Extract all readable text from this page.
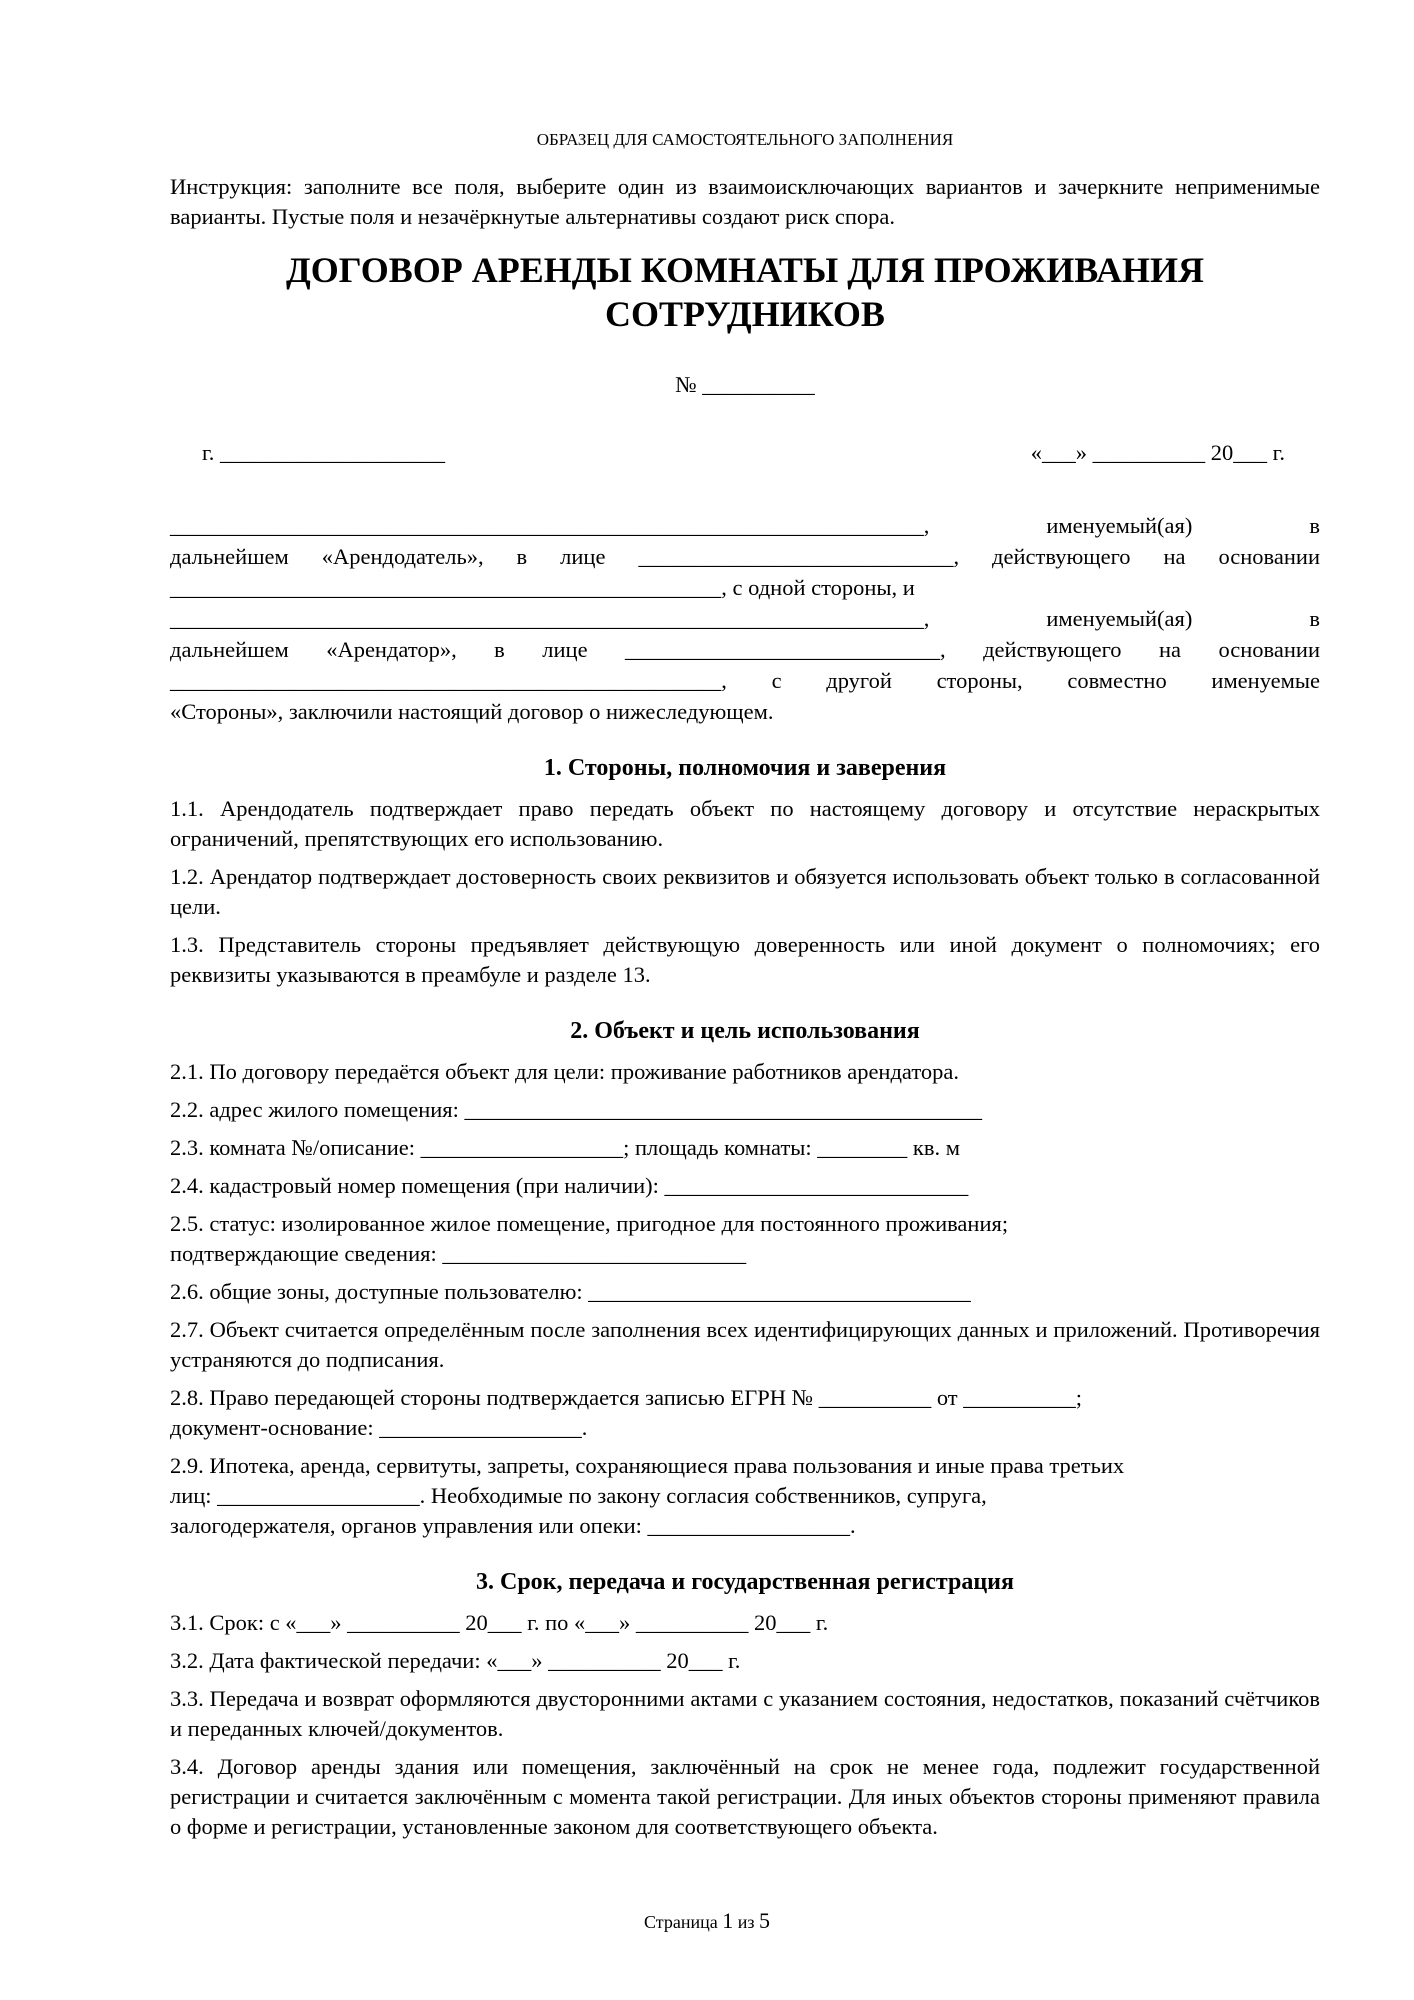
ОБРАЗЕЦ ДЛЯ САМОСТОЯТЕЛЬНОГО ЗАПОЛНЕНИЯ

Инструкция: заполните все поля, выберите один из взаимоисключающих вариантов и зачеркните неприменимые варианты. Пустые поля и незачёркнутые альтернативы создают риск спора.

ДОГОВОР АРЕНДЫ КОМНАТЫ ДЛЯ ПРОЖИВАНИЯ
СОТРУДНИКОВ

№ __________

г. ____________________	«___» __________ 20___ г.
___________________________________________________________________, именуемый(ая) в
дальнейшем «Арендодатель», в лице ____________________________, действующего на основании
_________________________________________________, с одной стороны, и
___________________________________________________________________, именуемый(ая) в
дальнейшем «Арендатор», в лице ____________________________, действующего на основании
_________________________________________________, с другой стороны, совместно именуемые
«Стороны», заключили настоящий договор о нижеследующем.
1. Стороны, полномочия и заверения

1.1. Арендодатель подтверждает право передать объект по настоящему договору и отсутствие нераскрытых ограничений, препятствующих его использованию.

1.2. Арендатор подтверждает достоверность своих реквизитов и обязуется использовать объект только в согласованной цели.

1.3. Представитель стороны предъявляет действующую доверенность или иной документ о полномочиях; его реквизиты указываются в преамбуле и разделе 13.

2. Объект и цель использования

2.1. По договору передаётся объект для цели: проживание работников арендатора.

2.2. адрес жилого помещения: ______________________________________________

2.3. комната №/описание: __________________; площадь комнаты: ________ кв. м

2.4. кадастровый номер помещения (при наличии): ___________________________

2.5. статус: изолированное жилое помещение, пригодное для постоянного проживания;
подтверждающие сведения: ___________________________

2.6. общие зоны, доступные пользователю: __________________________________

2.7. Объект считается определённым после заполнения всех идентифицирующих данных и приложений. Противоречия устраняются до подписания.

2.8. Право передающей стороны подтверждается записью ЕГРН № __________ от __________;
документ-основание: __________________.

2.9. Ипотека, аренда, сервитуты, запреты, сохраняющиеся права пользования и иные права третьих
лиц: __________________. Необходимые по закону согласия собственников, супруга,
залогодержателя, органов управления или опеки: __________________.

3. Срок, передача и государственная регистрация

3.1. Срок: с «___» __________ 20___ г. по «___» __________ 20___ г.

3.2. Дата фактической передачи: «___» __________ 20___ г.

3.3. Передача и возврат оформляются двусторонними актами с указанием состояния, недостатков, показаний счётчиков и переданных ключей/документов.

3.4. Договор аренды здания или помещения, заключённый на срок не менее года, подлежит государственной регистрации и считается заключённым с момента такой регистрации. Для иных объектов стороны применяют правила о форме и регистрации, установленные законом для соответствующего объекта.

Страница 1 из 5
